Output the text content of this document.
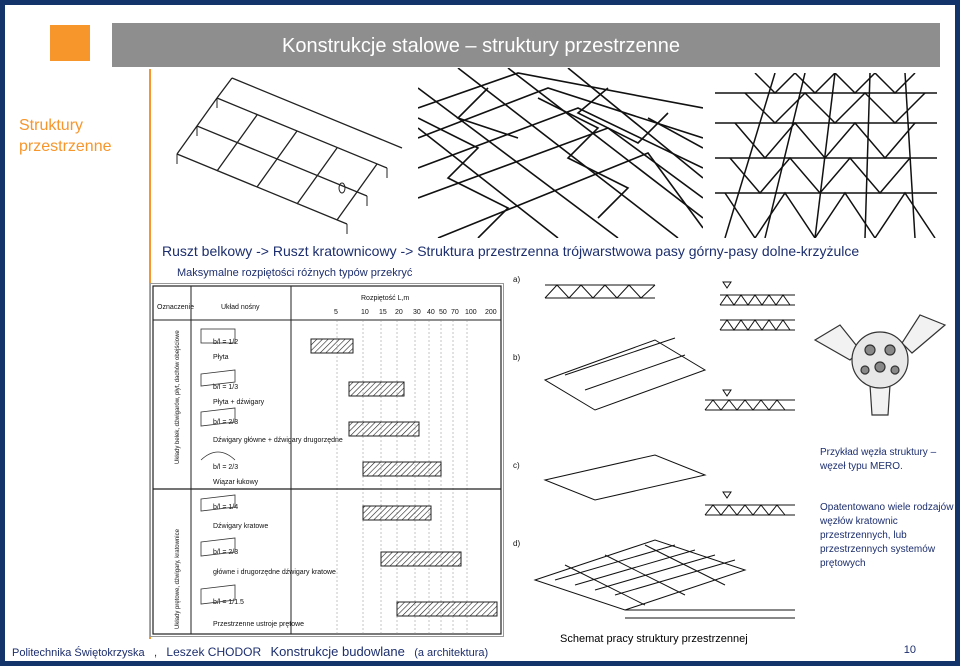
Konstrukcje stalowe – struktury przestrzenne
Struktury przestrzenne
Ruszt belkowy -> Ruszt kratownicowy -> Struktura przestrzenna trójwarstwowa pasy górny-pasy dolne-krzyżulce
Maksymalne rozpiętości różnych typów przekryć
Oznaczenie	Układ nośny
Rozpiętość L,m
5	10 15 20 30 40 50 70 100 200
b/l = 1/2
Płyta
b/l = 1/3
Płyta + dźwigary
b/l = 2/3
Dźwigary główne + dźwigary drugorzędne
b/l = 2/3
Wiązar łukowy
b/l = 1/4
Dźwigary kratowe
b/l = 2/3
główne i drugorzędne dźwigary kratowe
b/l = 1/1.5
Przestrzenne ustroje prętowe
Układy belek, dźwigarów, płyt, dachów obejściowe
Układy prętowe, dźwigary, kratownice
a)
b)
c)
d)
Przykład węzła struktury – węzeł typu MERO.
Opatentowano wiele rodzajów węzłów kratownic przestrzennych, lub przestrzennych systemów prętowych
Schemat pracy struktury przestrzennej
Politechnika Świętokrzyska , Leszek CHODOR Konstrukcje budowlane (a architektura)	10
